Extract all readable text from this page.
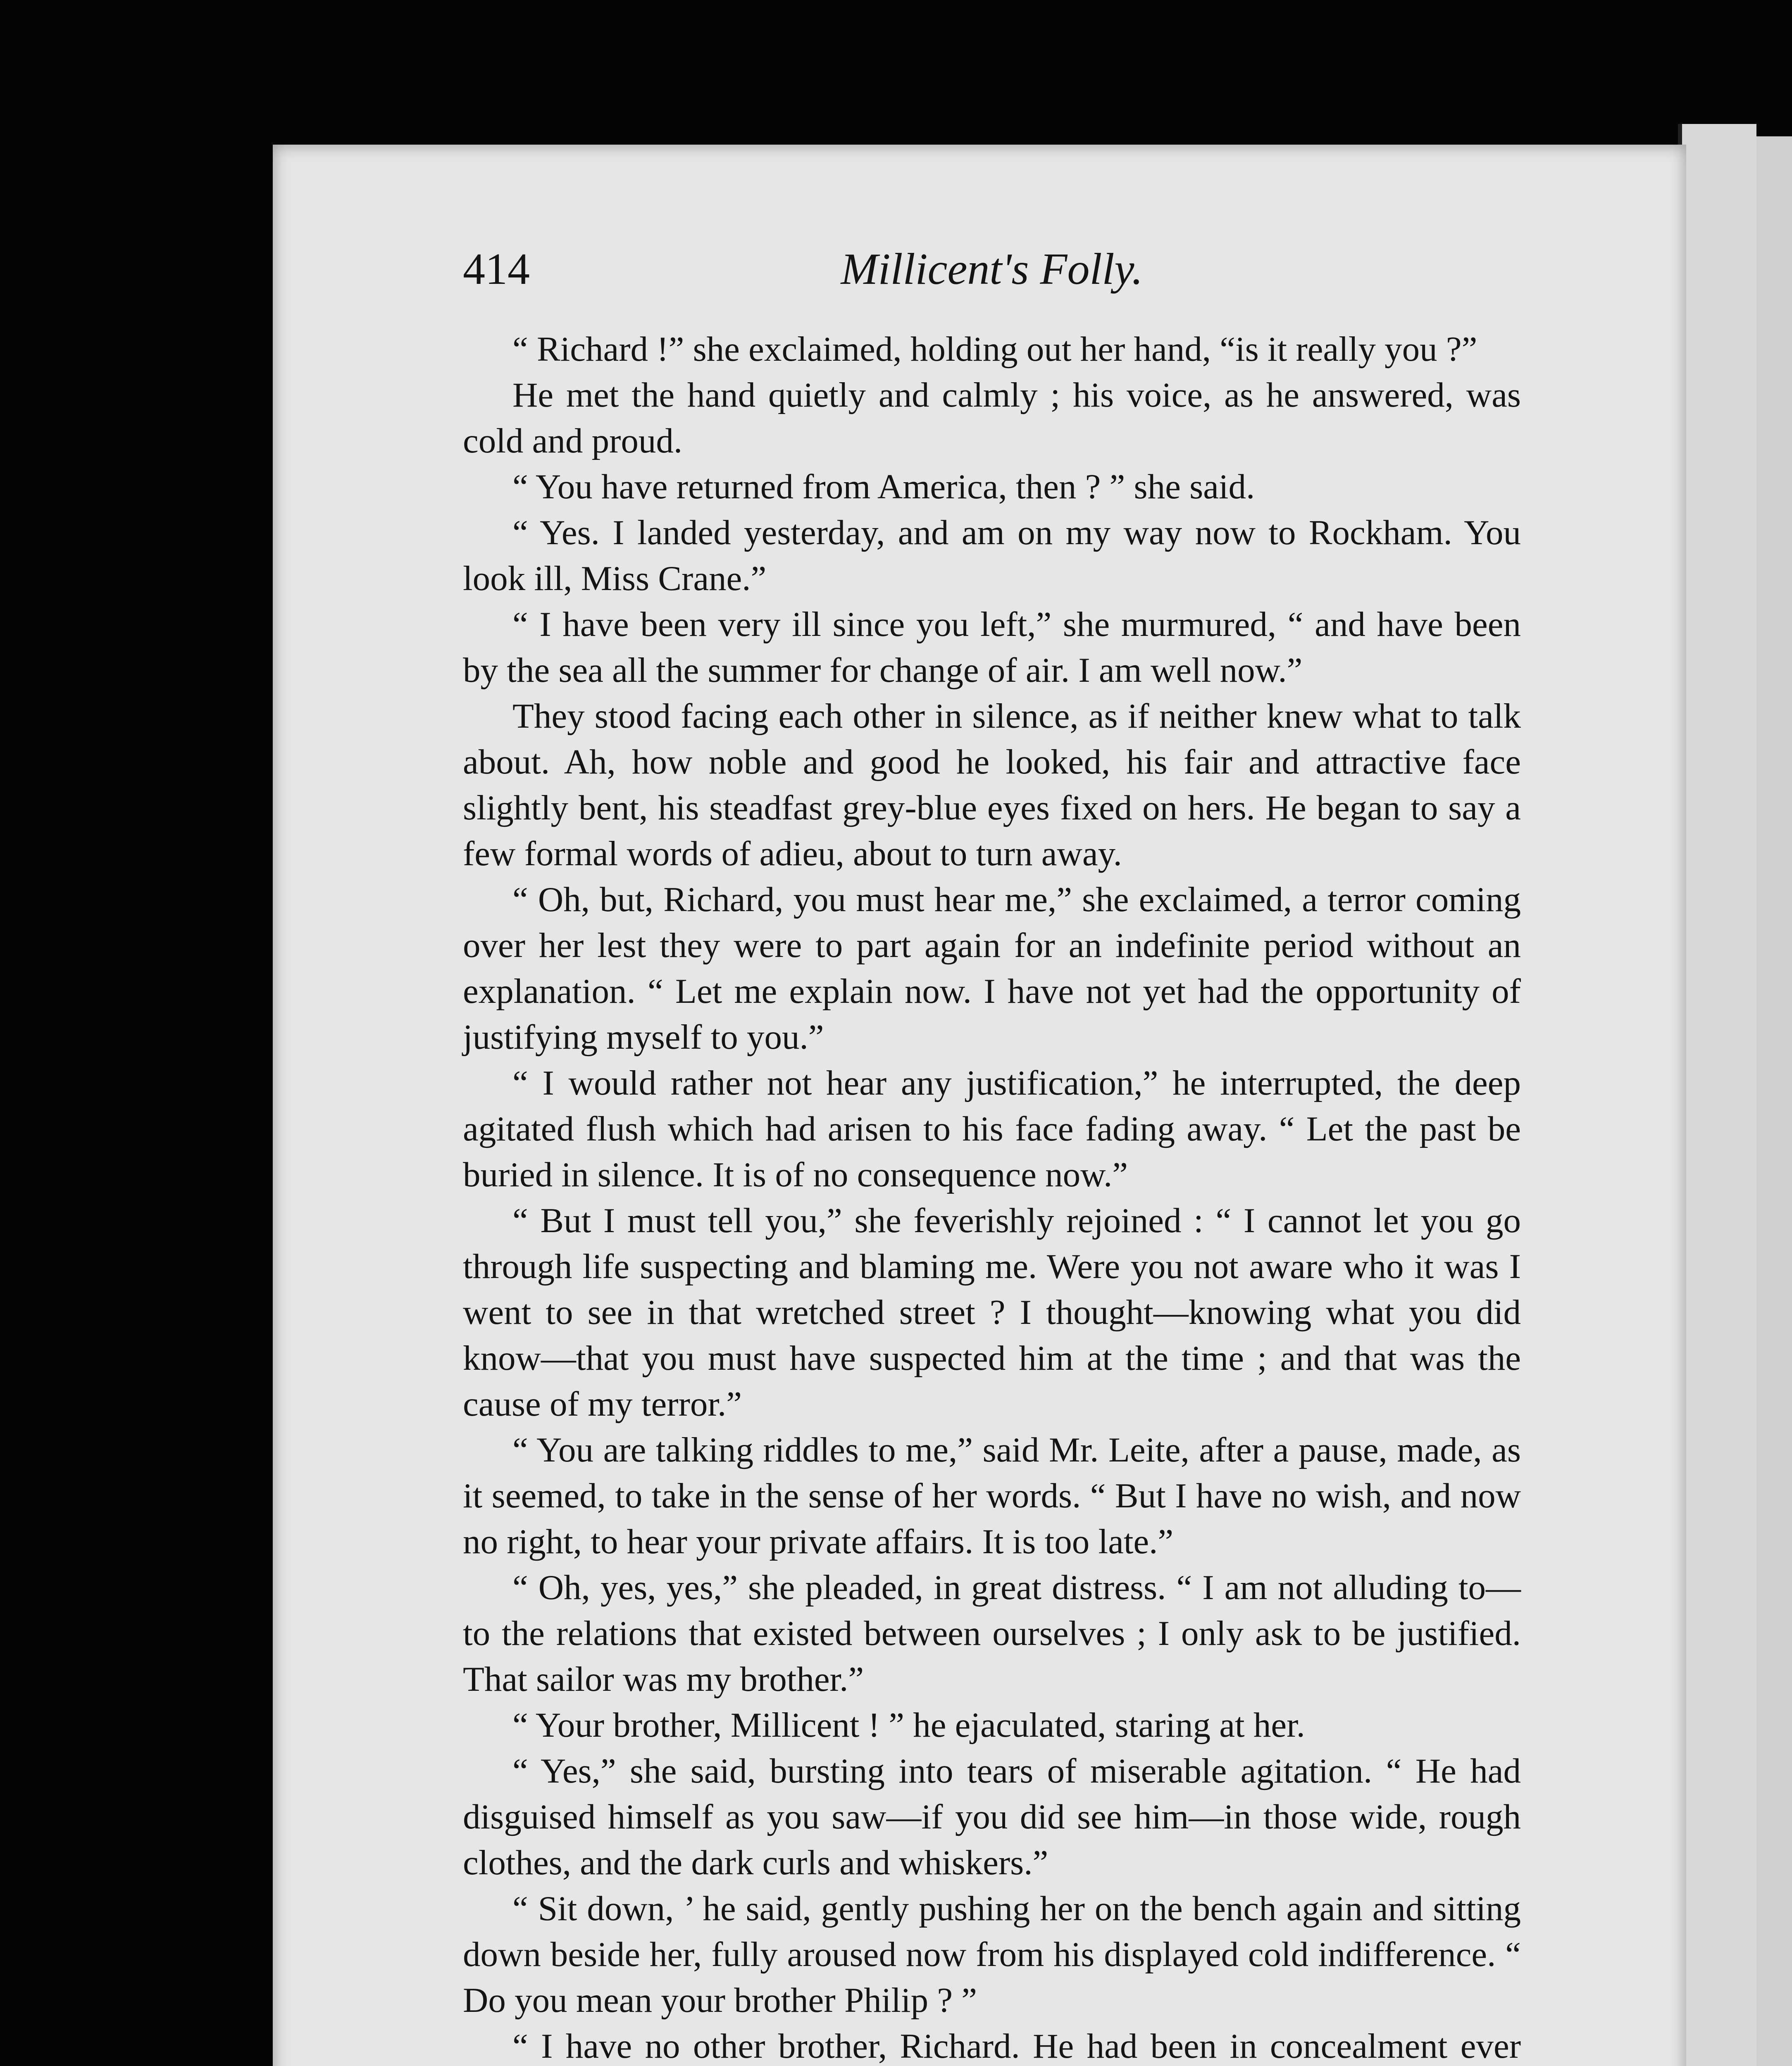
414	Millicent's Folly.

“ Richard !” she exclaimed, holding out her hand, “is it really you ?”

He met the hand quietly and calmly ; his voice, as he answered, was cold and proud.

“ You have returned from America, then ? ” she said.

“ Yes. I landed yesterday, and am on my way now to Rockham. You look ill, Miss Crane.”

“ I have been very ill since you left,” she murmured, “ and have been by the sea all the summer for change of air. I am well now.”

They stood facing each other in silence, as if neither knew what to talk about. Ah, how noble and good he looked, his fair and attractive face slightly bent, his steadfast grey-blue eyes fixed on hers. He began to say a few formal words of adieu, about to turn away.

“ Oh, but, Richard, you must hear me,” she exclaimed, a terror coming over her lest they were to part again for an indefinite period without an explanation. “ Let me explain now. I have not yet had the opportunity of justifying myself to you.”

“ I would rather not hear any justification,” he interrupted, the deep agitated flush which had arisen to his face fading away. “ Let the past be buried in silence. It is of no consequence now.”

“ But I must tell you,” she feverishly rejoined : “ I cannot let you go through life suspecting and blaming me. Were you not aware who it was I went to see in that wretched street ? I thought—knowing what you did know—that you must have suspected him at the time ; and that was the cause of my terror.”

“ You are talking riddles to me,” said Mr. Leite, after a pause, made, as it seemed, to take in the sense of her words. “ But I have no wish, and now no right, to hear your private affairs. It is too late.”

“ Oh, yes, yes,” she pleaded, in great distress. “ I am not alluding to—to the relations that existed between ourselves ; I only ask to be justified. That sailor was my brother.”

“ Your brother, Millicent ! ” he ejaculated, staring at her.

“ Yes,” she said, bursting into tears of miserable agitation. “ He had disguised himself as you saw—if you did see him—in those wide, rough clothes, and the dark curls and whiskers.”

“ Sit down, ’ he said, gently pushing her on the bench again and sitting down beside her, fully aroused now from his displayed cold indifference. “ Do you mean your brother Philip ? ”

“ I have no other brother, Richard. He had been in concealment ever
